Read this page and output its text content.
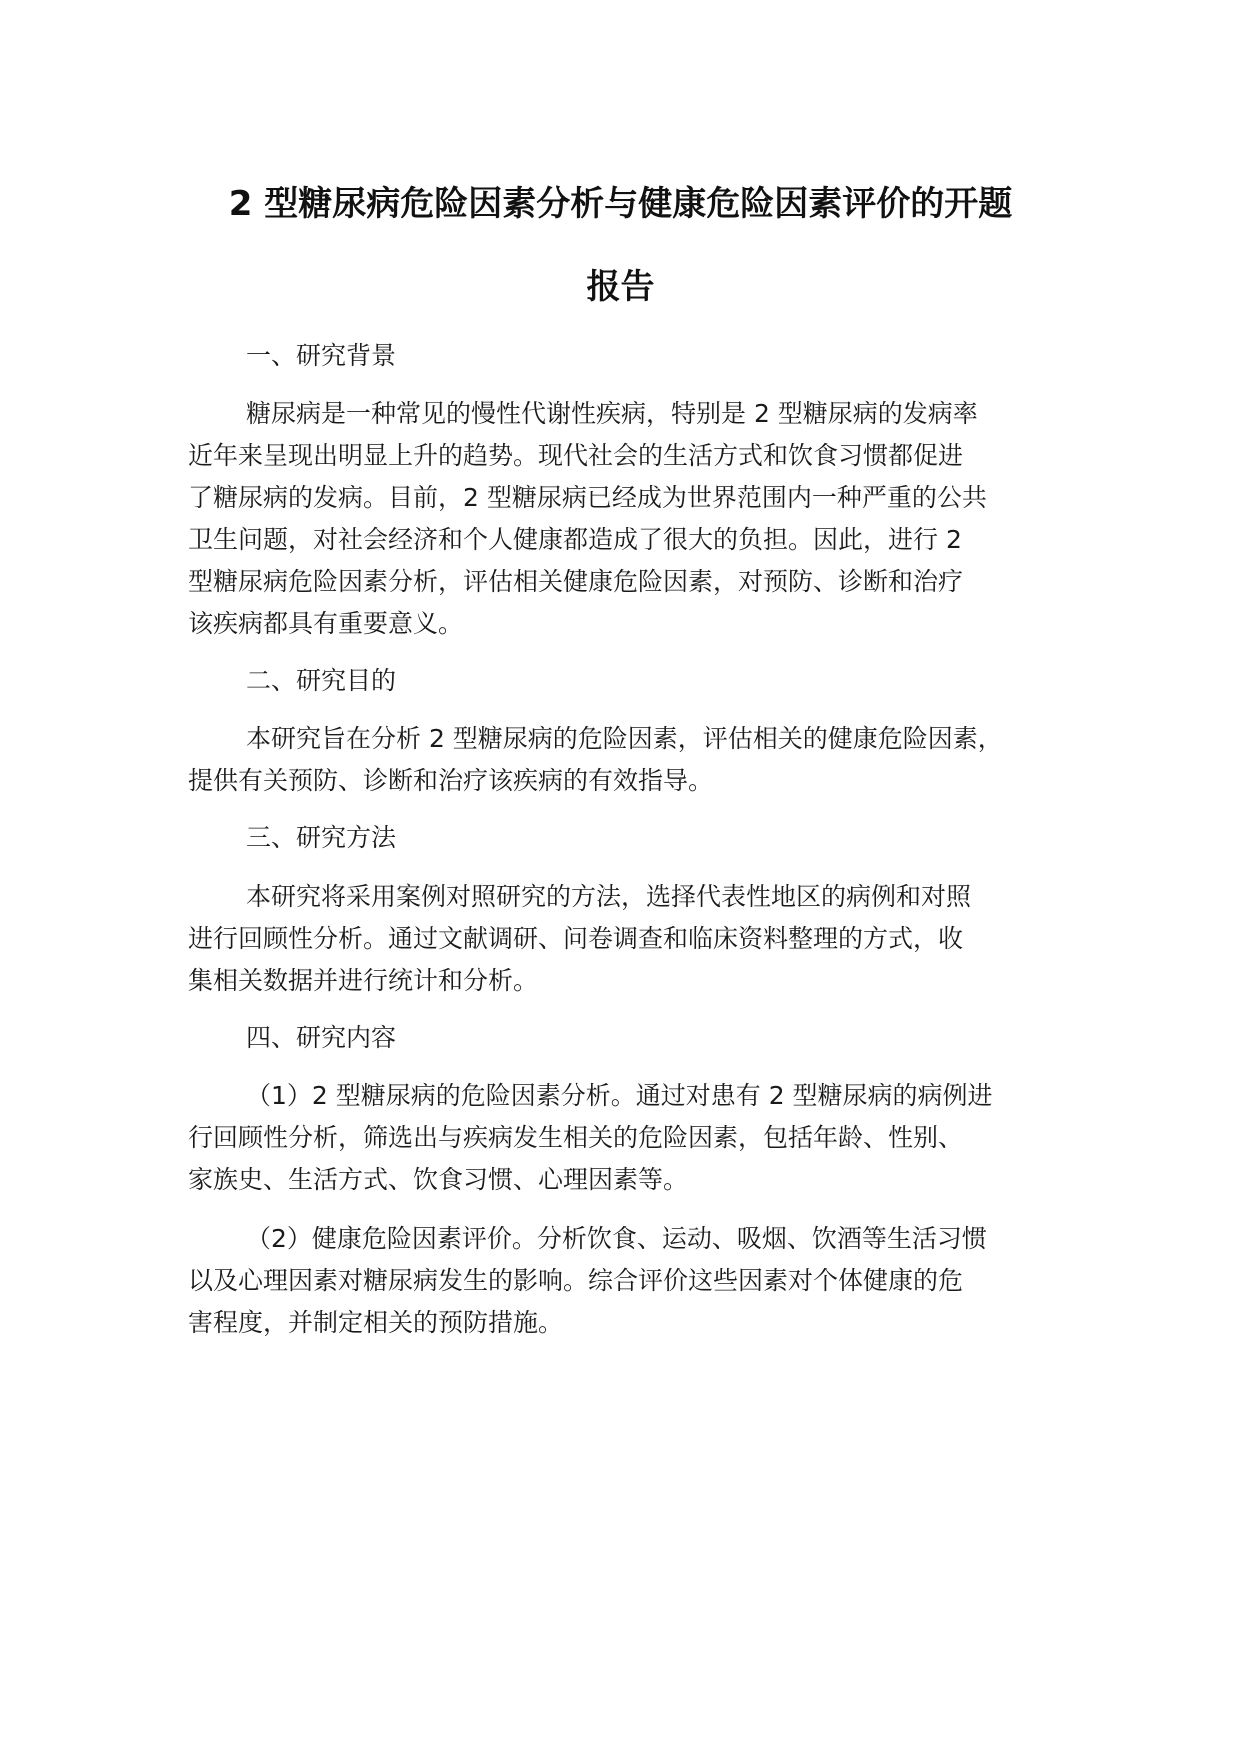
2 型糖尿病危险因素分析与健康危险因素评价的开题
报告

一、研究背景

糖尿病是一种常见的慢性代谢性疾病，特别是 2 型糖尿病的发病率

近年来呈现出明显上升的趋势。现代社会的生活方式和饮食习惯都促进

了糖尿病的发病。目前，2 型糖尿病已经成为世界范围内一种严重的公共

卫生问题，对社会经济和个人健康都造成了很大的负担。因此，进行 2

型糖尿病危险因素分析，评估相关健康危险因素，对预防、诊断和治疗

该疾病都具有重要意义。

二、研究目的

本研究旨在分析 2 型糖尿病的危险因素，评估相关的健康危险因素，

提供有关预防、诊断和治疗该疾病的有效指导。

三、研究方法

本研究将采用案例对照研究的方法，选择代表性地区的病例和对照

进行回顾性分析。通过文献调研、问卷调查和临床资料整理的方式，收

集相关数据并进行统计和分析。

四、研究内容

（1）2 型糖尿病的危险因素分析。通过对患有 2 型糖尿病的病例进

行回顾性分析，筛选出与疾病发生相关的危险因素，包括年龄、性别、

家族史、生活方式、饮食习惯、心理因素等。

（2）健康危险因素评价。分析饮食、运动、吸烟、饮酒等生活习惯

以及心理因素对糖尿病发生的影响。综合评价这些因素对个体健康的危

害程度，并制定相关的预防措施。
